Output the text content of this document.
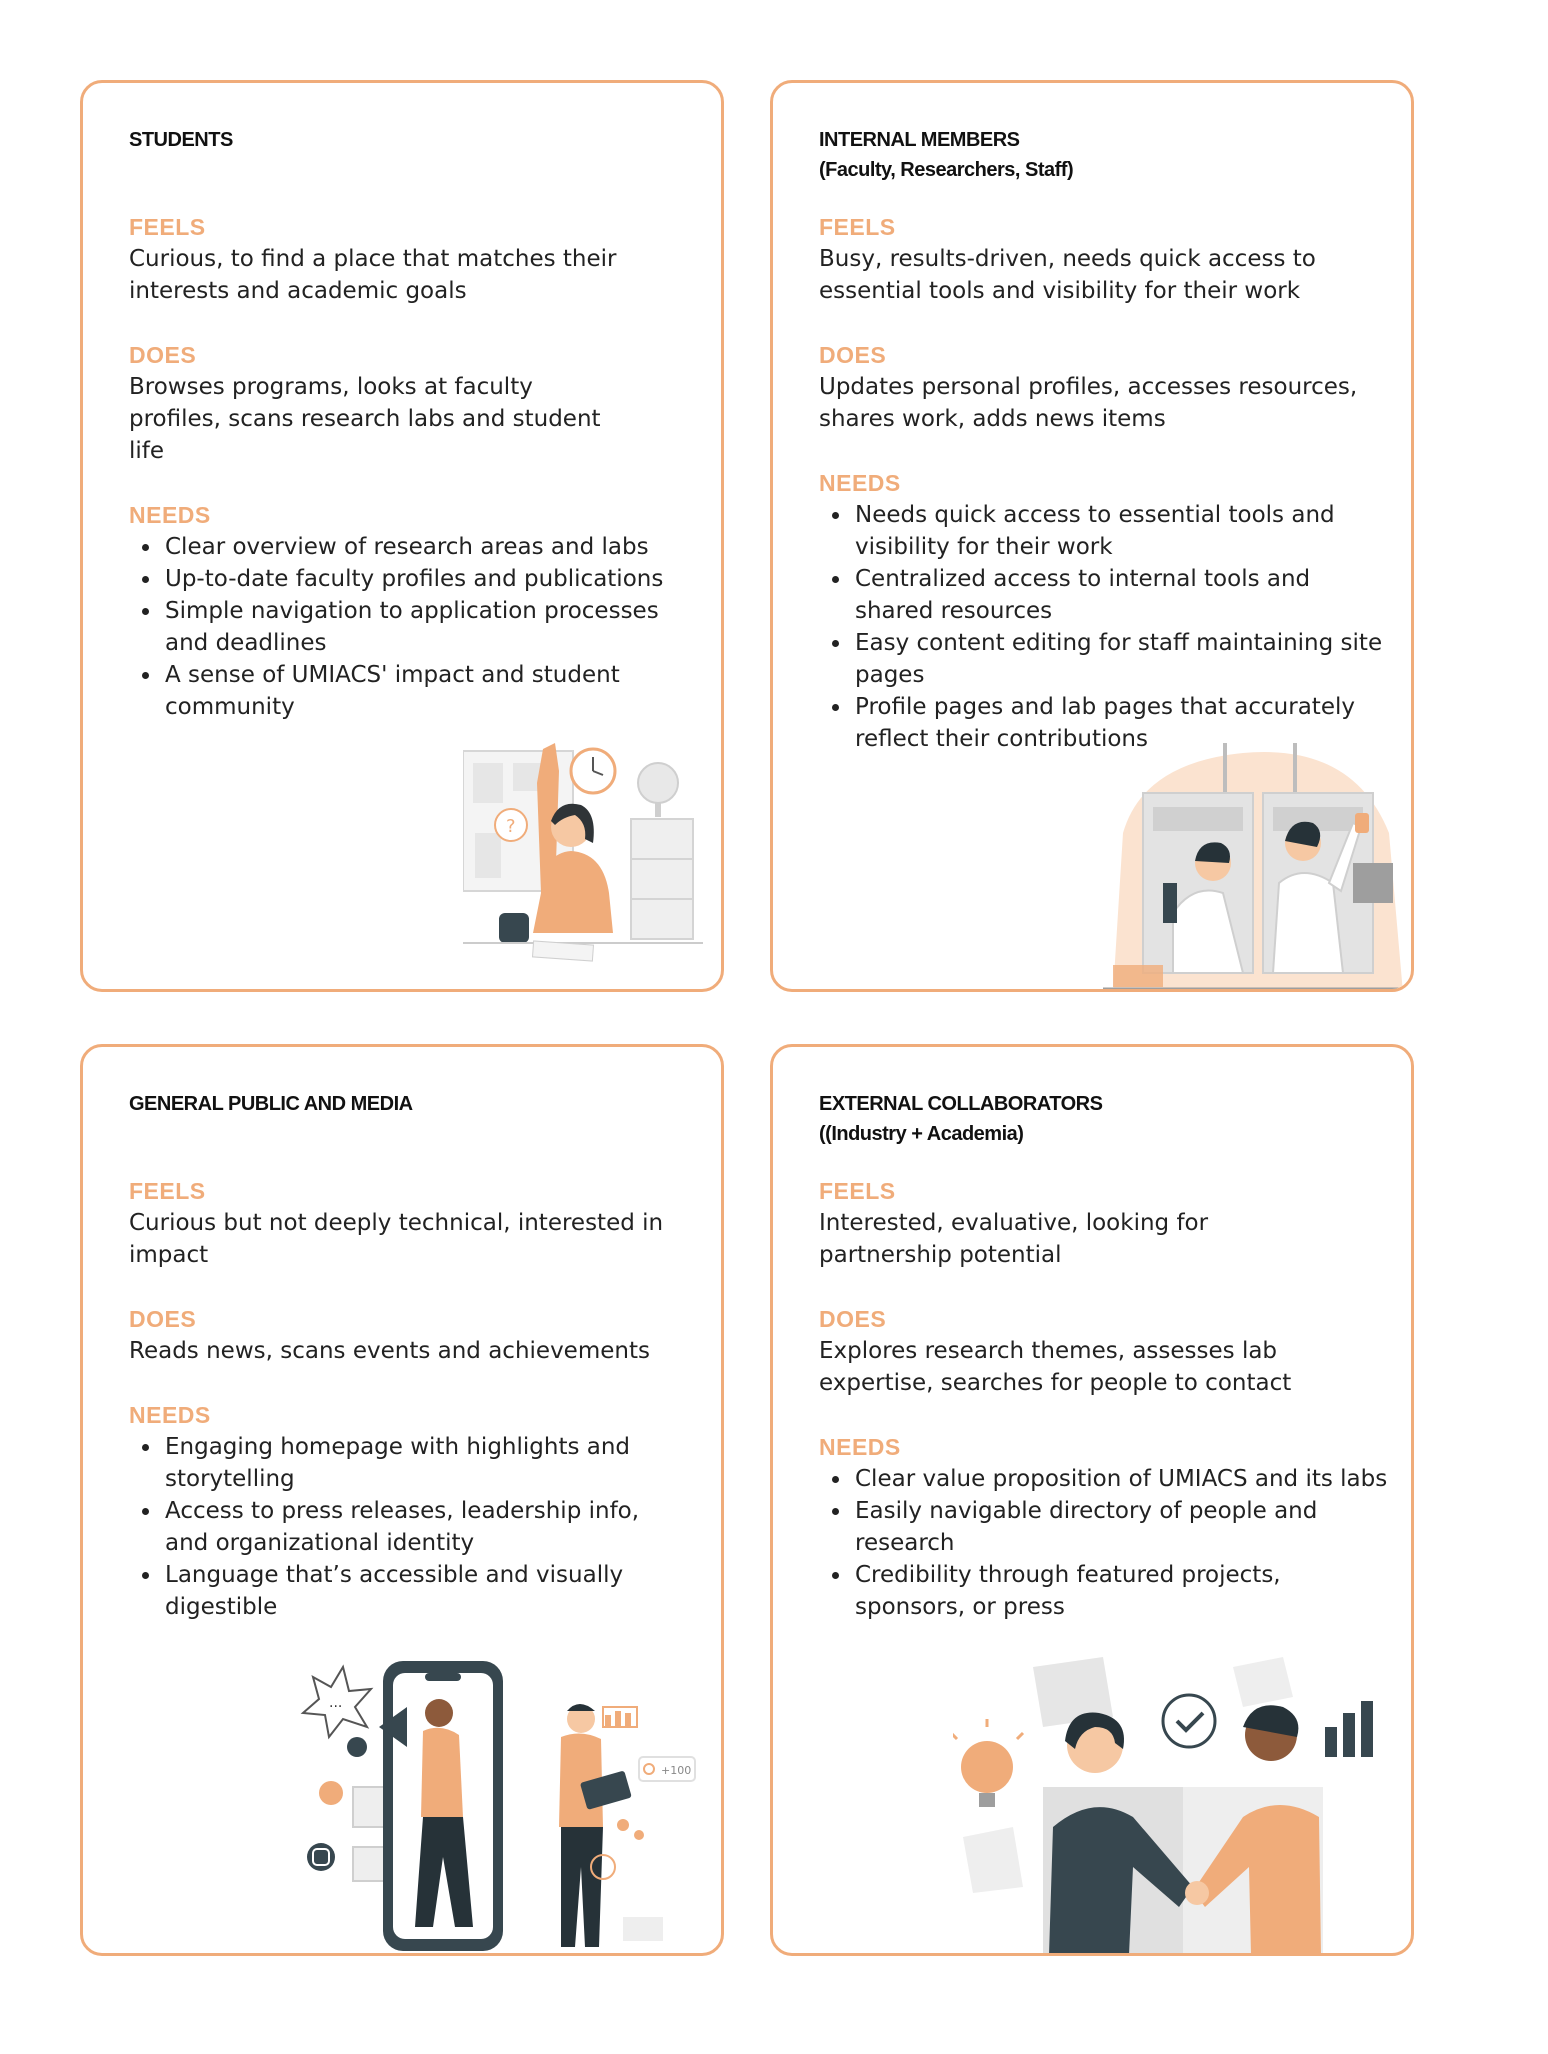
STUDENTS

FEELS

Curious, to find a place that matches their interests and academic goals

DOES

Browses programs, looks at faculty profiles, scans research labs and student life

NEEDS

Clear overview of research areas and labs
Up-to-date faculty profiles and publications
Simple navigation to application processes and deadlines
A sense of UMIACS' impact and student community
?

INTERNAL MEMBERS

(Faculty, Researchers, Staff)

FEELS

Busy, results-driven, needs quick access to essential tools and visibility for their work

DOES

Updates personal profiles, accesses resources, shares work, adds news items

NEEDS

Needs quick access to essential tools and visibility for their work
Centralized access to internal tools and shared resources
Easy content editing for staff maintaining site pages
Profile pages and lab pages that accurately reflect their contributions

GENERAL PUBLIC AND MEDIA

FEELS

Curious but not deeply technical, interested in impact

DOES

Reads news, scans events and achievements

NEEDS

Engaging homepage with highlights and storytelling
Access to press releases, leadership info, and organizational identity
Language that’s accessible and visually digestible
...
+100

EXTERNAL COLLABORATORS

((Industry + Academia)

FEELS

Interested, evaluative, looking for partnership potential

DOES

Explores research themes, assesses lab expertise, searches for people to contact

NEEDS

Clear value proposition of UMIACS and its labs
Easily navigable directory of people and research
Credibility through featured projects, sponsors, or press
